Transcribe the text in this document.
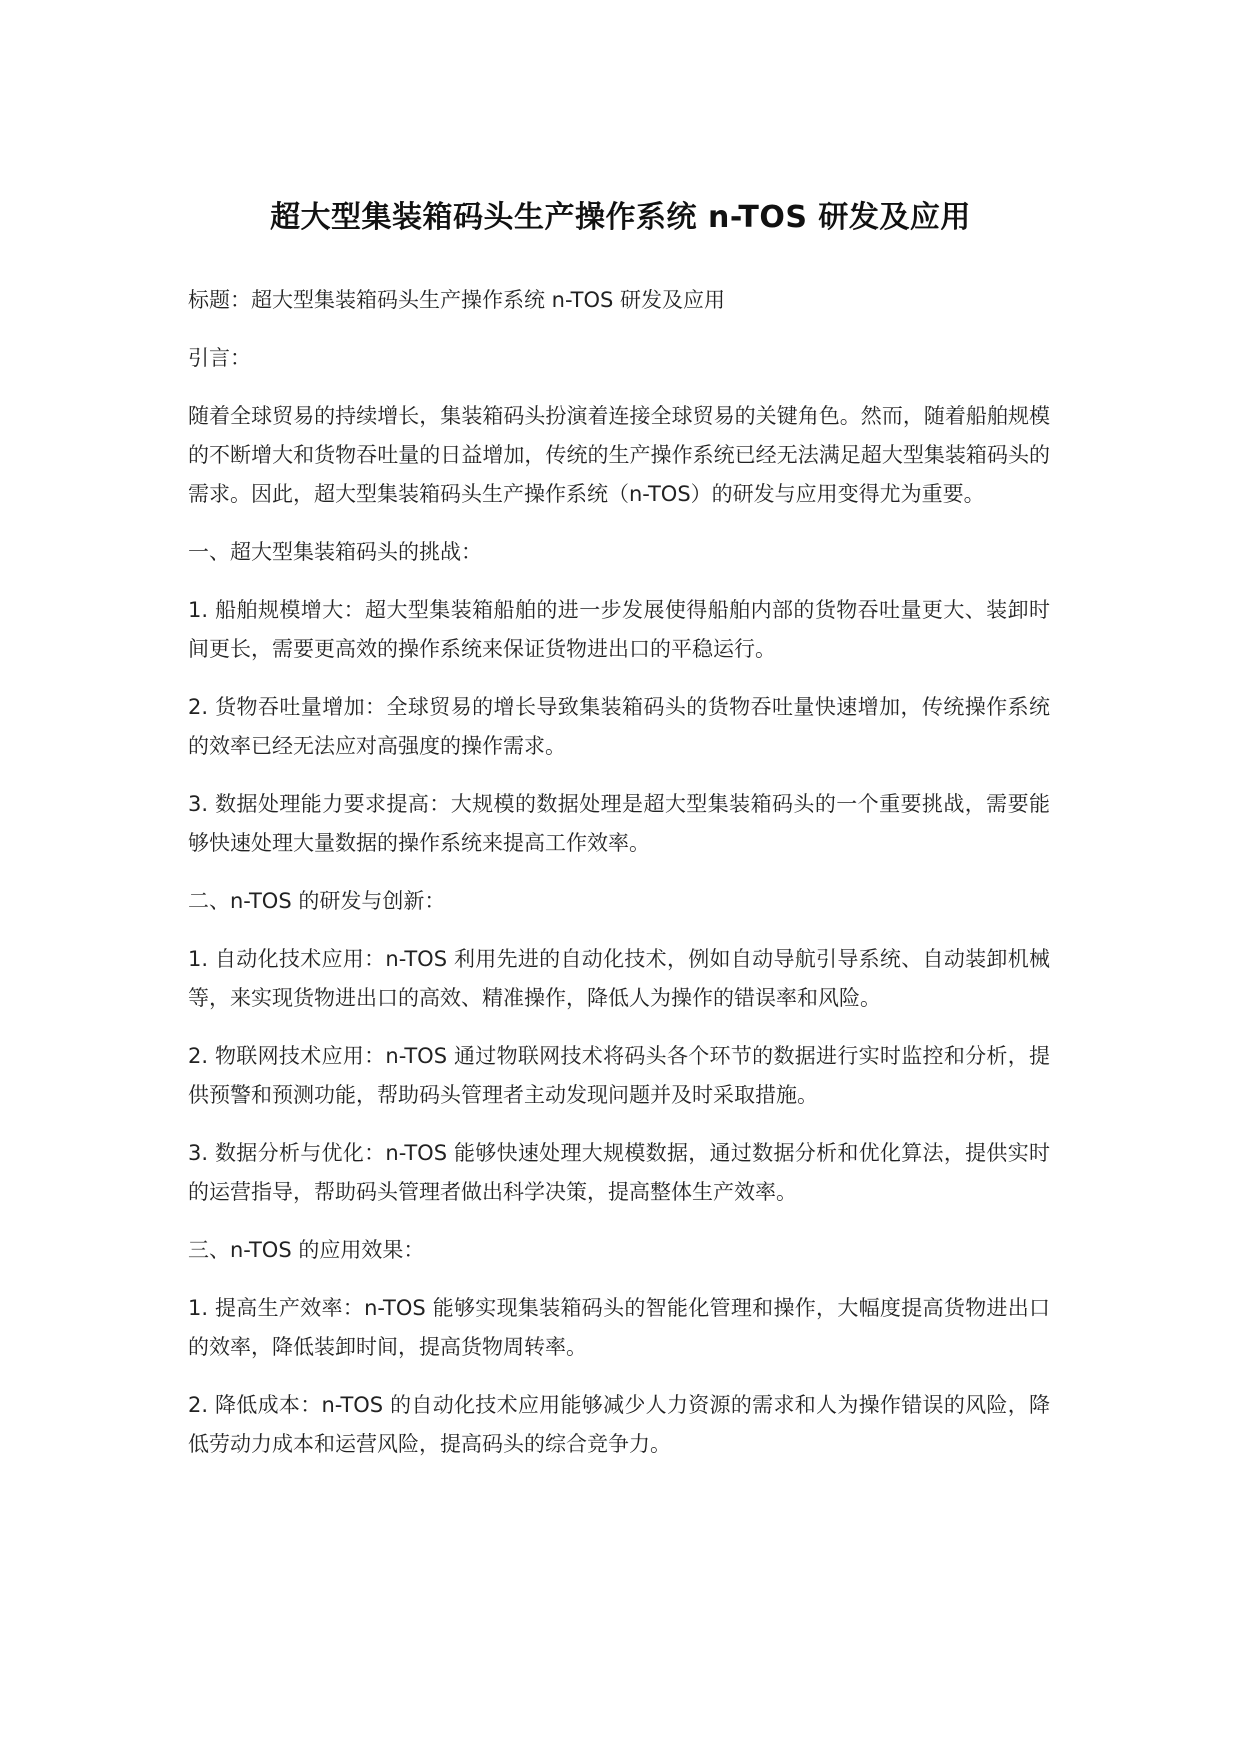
超大型集装箱码头生产操作系统 n-TOS 研发及应用

标题：超大型集装箱码头生产操作系统 n-TOS 研发及应用

引言：

随着全球贸易的持续增长，集装箱码头扮演着连接全球贸易的关键角色。然而，随着船舶规模的不断增大和货物吞吐量的日益增加，传统的生产操作系统已经无法满足超大型集装箱码头的需求。因此，超大型集装箱码头生产操作系统（n-TOS）的研发与应用变得尤为重要。

一、超大型集装箱码头的挑战：

1. 船舶规模增大：超大型集装箱船舶的进一步发展使得船舶内部的货物吞吐量更大、装卸时间更长，需要更高效的操作系统来保证货物进出口的平稳运行。

2. 货物吞吐量增加：全球贸易的增长导致集装箱码头的货物吞吐量快速增加，传统操作系统的效率已经无法应对高强度的操作需求。

3. 数据处理能力要求提高：大规模的数据处理是超大型集装箱码头的一个重要挑战，需要能够快速处理大量数据的操作系统来提高工作效率。

二、n-TOS 的研发与创新：

1. 自动化技术应用：n-TOS 利用先进的自动化技术，例如自动导航引导系统、自动装卸机械等，来实现货物进出口的高效、精准操作，降低人为操作的错误率和风险。

2. 物联网技术应用：n-TOS 通过物联网技术将码头各个环节的数据进行实时监控和分析，提供预警和预测功能，帮助码头管理者主动发现问题并及时采取措施。

3. 数据分析与优化：n-TOS 能够快速处理大规模数据，通过数据分析和优化算法，提供实时的运营指导，帮助码头管理者做出科学决策，提高整体生产效率。

三、n-TOS 的应用效果：

1. 提高生产效率：n-TOS 能够实现集装箱码头的智能化管理和操作，大幅度提高货物进出口的效率，降低装卸时间，提高货物周转率。

2. 降低成本：n-TOS 的自动化技术应用能够减少人力资源的需求和人为操作错误的风险，降低劳动力成本和运营风险，提高码头的综合竞争力。
